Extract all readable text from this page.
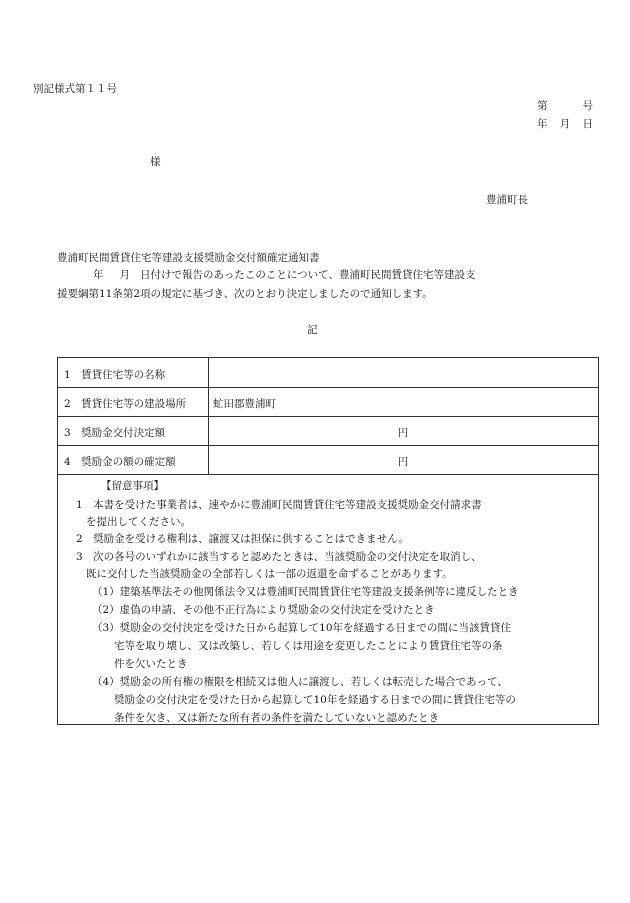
別記様式第１１号
第	号
年 月 日
様
豊浦町長
豊浦町民間賃貸住宅等建設支援奨励金交付額確定通知書
年 月 日付けで報告のあったこのことについて、豊浦町民間賃貸住宅等建設支
援要綱第11条第2項の規定に基づき、次のとおり決定しましたので通知します。
記
1　賃貸住宅等の名称
2　賃貸住宅等の建設場所	虻田郡豊浦町
3　奨励金交付決定額	円
4　奨励金の額の確定額	円
【留意事項】
1　本書を受けた事業者は、速やかに豊浦町民間賃貸住宅等建設支援奨励金交付請求書
を提出してください。
2　奨励金を受ける権利は、譲渡又は担保に供することはできません。
3　次の各号のいずれかに該当すると認めたときは、当該奨励金の交付決定を取消し、
既に交付した当該奨励金の全部若しくは一部の返還を命ずることがあります。
（1）建築基準法その他関係法令又は豊浦町民間賃貸住宅等建設支援条例等に違反したとき
（2）虚偽の申請、その他不正行為により奨励金の交付決定を受けたとき
（3）奨励金の交付決定を受けた日から起算して10年を経過する日までの間に当該賃貸住
宅等を取り壊し、又は改築し、若しくは用途を変更したことにより賃貸住宅等の条
件を欠いたとき
（4）奨励金の所有権の権限を相続又は他人に譲渡し、若しくは転売した場合であって、
奨励金の交付決定を受けた日から起算して10年を経過する日までの間に賃貸住宅等の
条件を欠き、又は新たな所有者の条件を満たしていないと認めたとき
